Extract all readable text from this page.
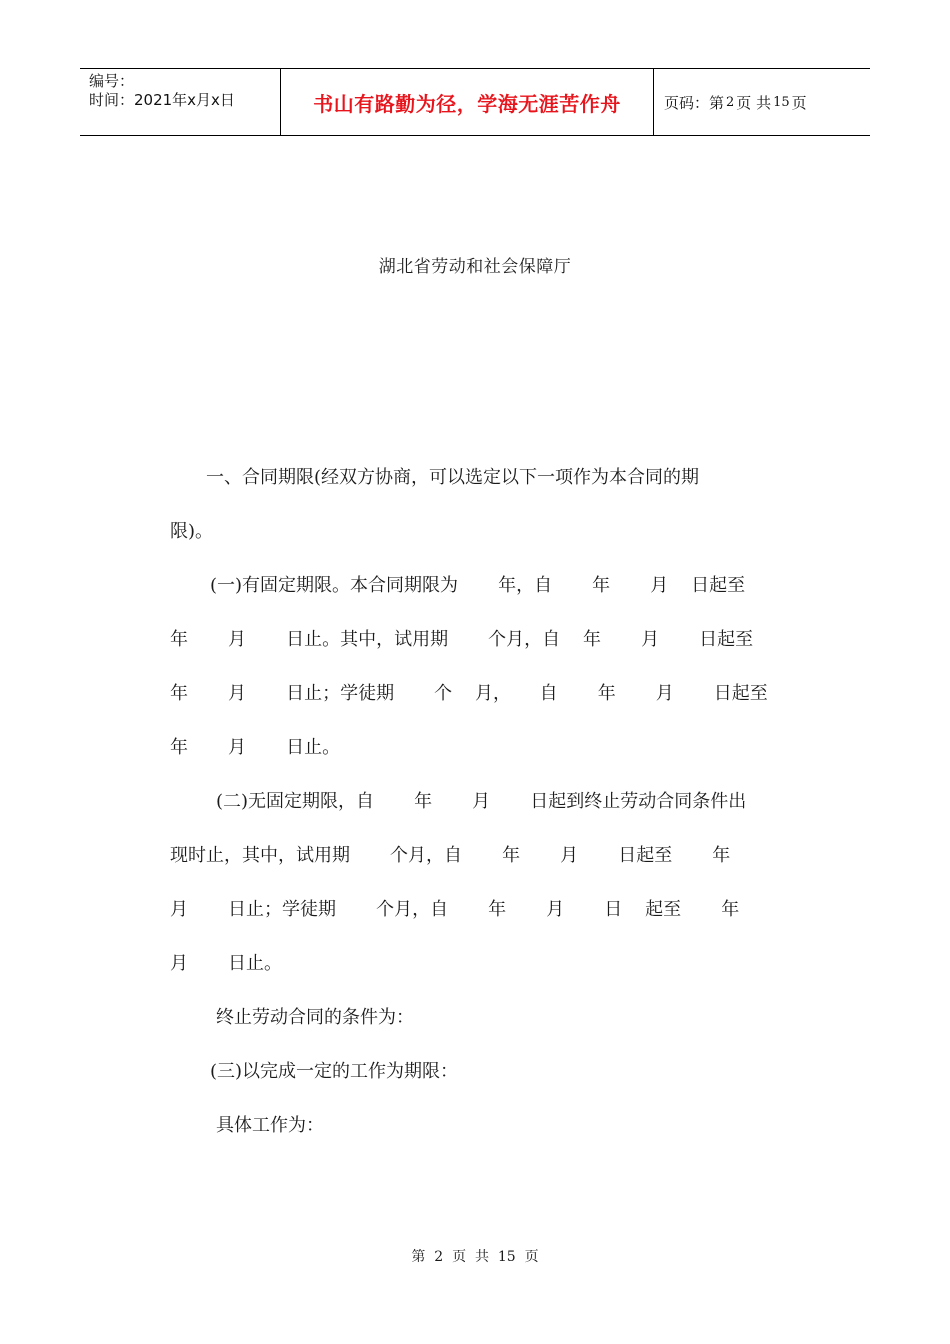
编号：
时间：2021年x月x日	书山有路勤为径，学海无涯苦作舟	页码：第 2 页 共 15 页
湖北省劳动和社会保障厅
一、合同期限(经双方协商，可以选定以下一项作为本合同的期
限)。
(一)有固定期限。本合同期限为       年，自       年       月    日起至
年       月       日止。其中，试用期       个月，自    年       月       日起至
年       月       日止；学徒期       个    月，     自       年       月       日起至
年       月       日止。
(二)无固定期限，自       年       月       日起到终止劳动合同条件出
现时止，其中，试用期       个月，自       年       月       日起至       年
月       日止；学徒期       个月，自       年       月       日    起至       年
月       日止。
终止劳动合同的条件为：
(三)以完成一定的工作为期限：
具体工作为：
第  2  页  共  15  页
